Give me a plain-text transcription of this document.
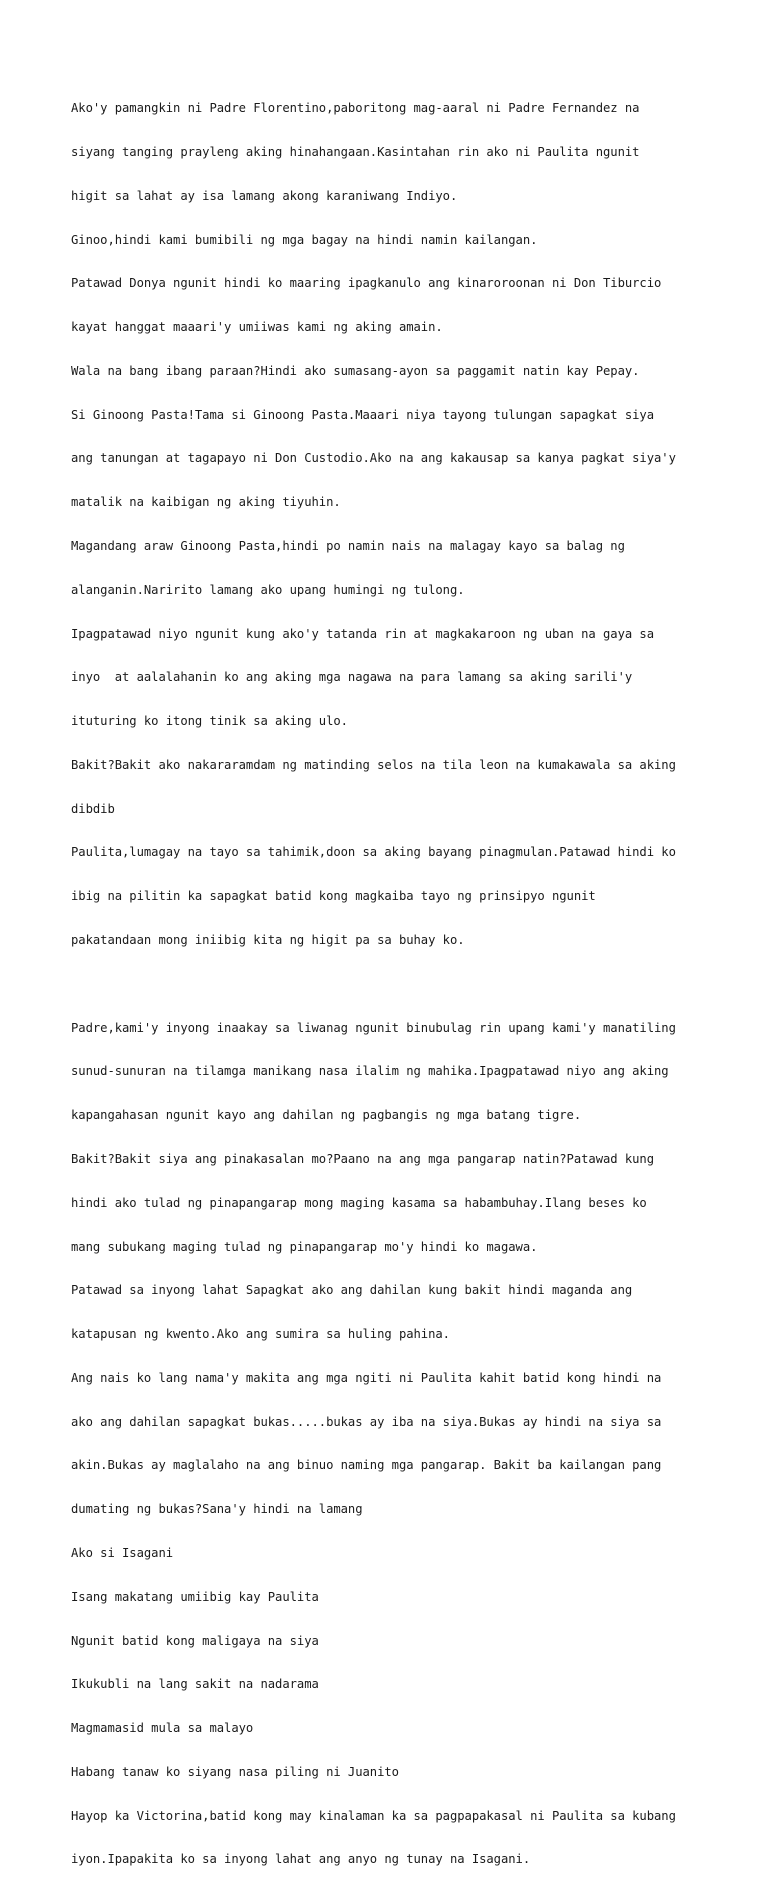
Ako'y pamangkin ni Padre Florentino,paboritong mag-aaral ni Padre Fernandez na

siyang tanging prayleng aking hinahangaan.Kasintahan rin ako ni Paulita ngunit

higit sa lahat ay isa lamang akong karaniwang Indiyo.

Ginoo,hindi kami bumibili ng mga bagay na hindi namin kailangan.

Patawad Donya ngunit hindi ko maaring ipagkanulo ang kinaroroonan ni Don Tiburcio

kayat hanggat maaari'y umiiwas kami ng aking amain.

Wala na bang ibang paraan?Hindi ako sumasang-ayon sa paggamit natin kay Pepay.

Si Ginoong Pasta!Tama si Ginoong Pasta.Maaari niya tayong tulungan sapagkat siya

ang tanungan at tagapayo ni Don Custodio.Ako na ang kakausap sa kanya pagkat siya'y

matalik na kaibigan ng aking tiyuhin.

Magandang araw Ginoong Pasta,hindi po namin nais na malagay kayo sa balag ng

alanganin.Naririto lamang ako upang humingi ng tulong.

Ipagpatawad niyo ngunit kung ako'y tatanda rin at magkakaroon ng uban na gaya sa

inyo  at aalalahanin ko ang aking mga nagawa na para lamang sa aking sarili'y

ituturing ko itong tinik sa aking ulo.

Bakit?Bakit ako nakararamdam ng matinding selos na tila leon na kumakawala sa aking

dibdib

Paulita,lumagay na tayo sa tahimik,doon sa aking bayang pinagmulan.Patawad hindi ko

ibig na pilitin ka sapagkat batid kong magkaiba tayo ng prinsipyo ngunit

pakatandaan mong iniibig kita ng higit pa sa buhay ko.

Padre,kami'y inyong inaakay sa liwanag ngunit binubulag rin upang kami'y manatiling

sunud-sunuran na tilamga manikang nasa ilalim ng mahika.Ipagpatawad niyo ang aking

kapangahasan ngunit kayo ang dahilan ng pagbangis ng mga batang tigre.

Bakit?Bakit siya ang pinakasalan mo?Paano na ang mga pangarap natin?Patawad kung

hindi ako tulad ng pinapangarap mong maging kasama sa habambuhay.Ilang beses ko

mang subukang maging tulad ng pinapangarap mo'y hindi ko magawa.

Patawad sa inyong lahat Sapagkat ako ang dahilan kung bakit hindi maganda ang

katapusan ng kwento.Ako ang sumira sa huling pahina.

Ang nais ko lang nama'y makita ang mga ngiti ni Paulita kahit batid kong hindi na

ako ang dahilan sapagkat bukas.....bukas ay iba na siya.Bukas ay hindi na siya sa

akin.Bukas ay maglalaho na ang binuo naming mga pangarap. Bakit ba kailangan pang

dumating ng bukas?Sana'y hindi na lamang

Ako si Isagani

Isang makatang umiibig kay Paulita

Ngunit batid kong maligaya na siya

Ikukubli na lang sakit na nadarama

Magmamasid mula sa malayo

Habang tanaw ko siyang nasa piling ni Juanito

Hayop ka Victorina,batid kong may kinalaman ka sa pagpapakasal ni Paulita sa kubang

iyon.Ipapakita ko sa inyong lahat ang anyo ng tunay na Isagani.
